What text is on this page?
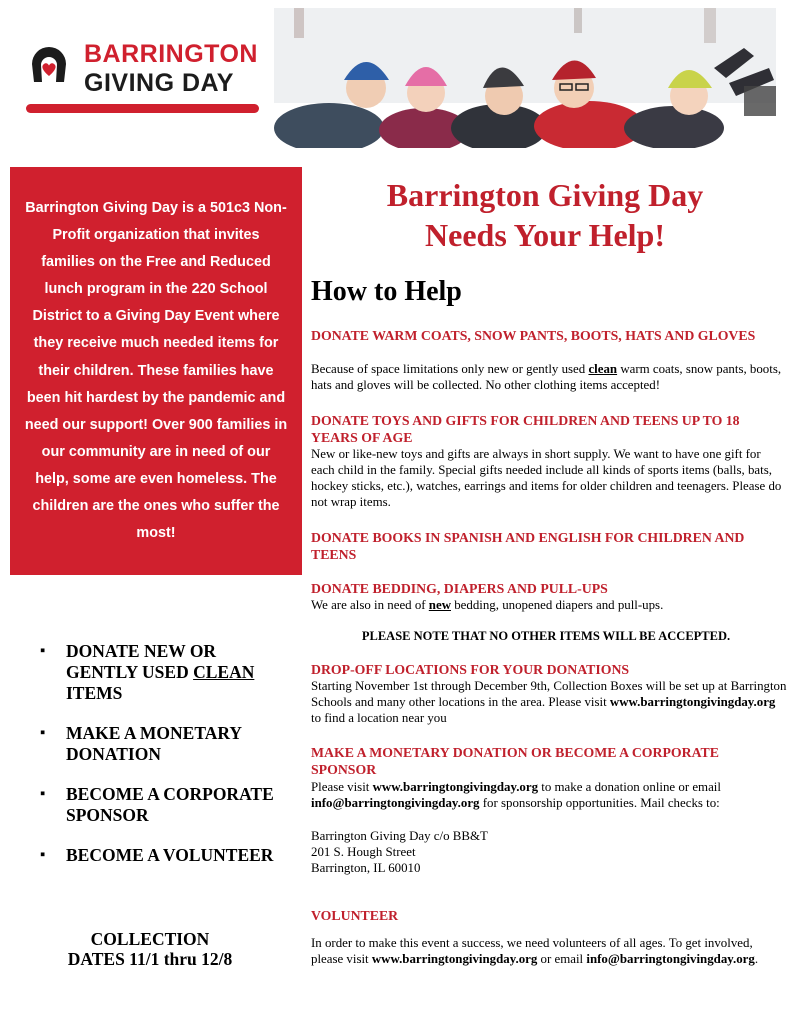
BARRINGTON
GIVING DAY

Barrington Giving Day is a 501c3 Non-Profit organization that invites families on the Free and Reduced lunch program in the 220 School District to a Giving Day Event where they receive much needed items for their children. These families have been hit hardest by the pandemic and need our support! Over 900 families in our community are in need of our help, some are even homeless. The children are the ones who suffer the most!

▪ DONATE NEW OR GENTLY USED CLEAN ITEMS
▪ MAKE A MONETARY DONATION
▪ BECOME A CORPORATE SPONSOR
▪ BECOME A VOLUNTEER
COLLECTION
DATES 11/1 thru 12/8
Barrington Giving Day
Needs Your Help!
How to Help
DONATE WARM COATS, SNOW PANTS, BOOTS, HATS AND GLOVES
Because of space limitations only new or gently used clean warm coats, snow pants, boots, hats and gloves will be collected. No other clothing items accepted!
DONATE TOYS AND GIFTS FOR CHILDREN AND TEENS UP TO 18 YEARS OF AGE
New or like-new toys and gifts are always in short supply. We want to have one gift for each child in the family. Special gifts needed include all kinds of sports items (balls, bats, hockey sticks, etc.), watches, earrings and items for older children and teenagers. Please do not wrap items.
DONATE BOOKS IN SPANISH AND ENGLISH FOR CHILDREN AND TEENS
DONATE BEDDING, DIAPERS AND PULL-UPS
We are also in need of new bedding, unopened diapers and pull-ups.
PLEASE NOTE THAT NO OTHER ITEMS WILL BE ACCEPTED.
DROP-OFF LOCATIONS FOR YOUR DONATIONS
Starting November 1st through December 9th, Collection Boxes will be set up at Barrington Schools and many other locations in the area. Please visit www.barringtongivingday.org to find a location near you
MAKE A MONETARY DONATION OR BECOME A CORPORATE SPONSOR
Please visit www.barringtongivingday.org to make a donation online or email info@barringtongivingday.org for sponsorship opportunities. Mail checks to:
Barrington Giving Day c/o BB&T
201 S. Hough Street
Barrington, IL 60010
VOLUNTEER
In order to make this event a success, we need volunteers of all ages. To get involved, please visit www.barringtongivingday.org or email info@barringtongivingday.org.
